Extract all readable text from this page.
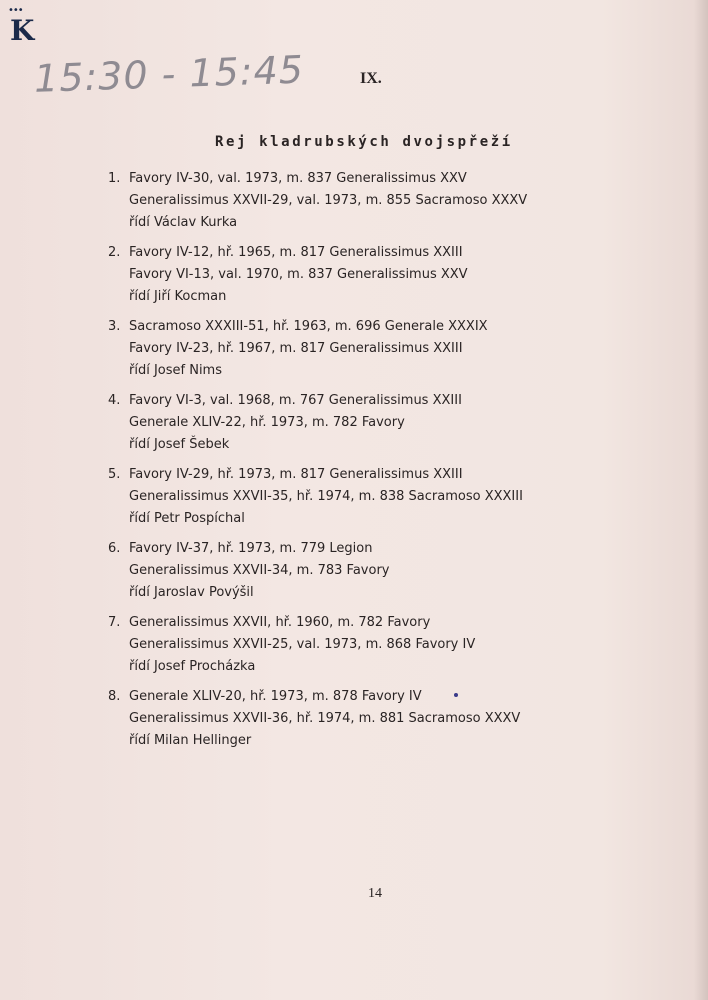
•••
K
15:30 - 15:45	IX.
Rej kladrubských dvojspřeží
1. Favory IV-30, val. 1973, m. 837 Generalissimus XXV
Generalissimus XXVII-29, val. 1973, m. 855 Sacramoso XXXV
řídí Václav Kurka
2. Favory IV-12, hř. 1965, m. 817 Generalissimus XXIII
Favory VI-13, val. 1970, m. 837 Generalissimus XXV
řídí Jiří Kocman
3. Sacramoso XXXIII-51, hř. 1963, m. 696 Generale XXXIX
Favory IV-23, hř. 1967, m. 817 Generalissimus XXIII
řídí Josef Nims
4. Favory VI-3, val. 1968, m. 767 Generalissimus XXIII
Generale XLIV-22, hř. 1973, m. 782 Favory
řídí Josef Šebek
5. Favory IV-29, hř. 1973, m. 817 Generalissimus XXIII
Generalissimus XXVII-35, hř. 1974, m. 838 Sacramoso XXXIII
řídí Petr Pospíchal
6. Favory IV-37, hř. 1973, m. 779 Legion
Generalissimus XXVII-34, m. 783 Favory
řídí Jaroslav Povýšil
7. Generalissimus XXVII, hř. 1960, m. 782 Favory
Generalissimus XXVII-25, val. 1973, m. 868 Favory IV
řídí Josef Procházka
8. Generale XLIV-20, hř. 1973, m. 878 Favory IV
Generalissimus XXVII-36, hř. 1974, m. 881 Sacramoso XXXV
řídí Milan Hellinger
14
